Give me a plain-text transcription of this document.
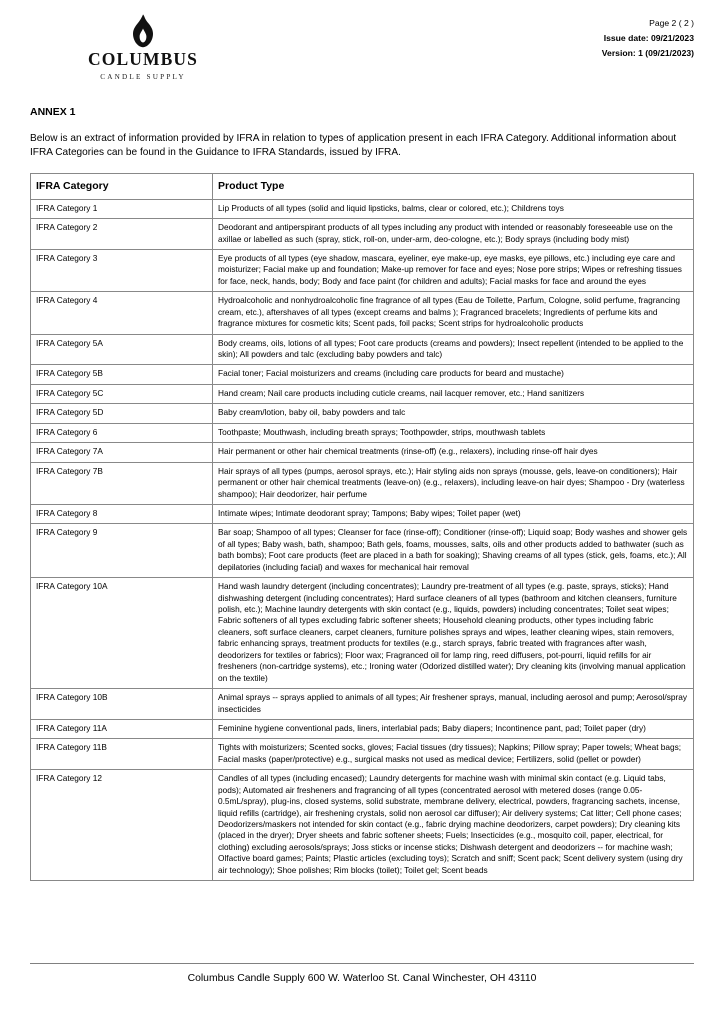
COLUMBUS
CANDLE SUPPLY
Page 2 ( 2 )
Issue date: 09/21/2023
Version: 1 (09/21/2023)
ANNEX 1
Below is an extract of information provided by IFRA in relation to types of application present in each IFRA Category. Additional information about IFRA Categories can be found in the Guidance to IFRA Standards, issued by IFRA.
IFRA Category	Product Type
IFRA Category 1	Lip Products of all types (solid and liquid lipsticks, balms, clear or colored, etc.); Childrens toys
IFRA Category 2	Deodorant and antiperspirant products of all types including any product with intended or reasonably foreseeable use on the axillae or labelled as such (spray, stick, roll-on, under-arm, deo-cologne, etc.); Body sprays (including body mist)
IFRA Category 3	Eye products of all types (eye shadow, mascara, eyeliner, eye make-up, eye masks, eye pillows, etc.) including eye care and moisturizer; Facial make up and foundation; Make-up remover for face and eyes; Nose pore strips; Wipes or refreshing tissues for face, neck, hands, body; Body and face paint (for children and adults); Facial masks for face and around the eyes
IFRA Category 4	Hydroalcoholic and nonhydroalcoholic fine fragrance of all types (Eau de Toilette, Parfum, Cologne, solid perfume, fragrancing cream, etc.), aftershaves of all types (except creams and balms ); Fragranced bracelets; Ingredients of perfume kits and fragrance mixtures for cosmetic kits; Scent pads, foil packs; Scent strips for hydroalcoholic products
IFRA Category 5A	Body creams, oils, lotions of all types; Foot care products (creams and powders); Insect repellent (intended to be applied to the skin); All powders and talc (excluding baby powders and talc)
IFRA Category 5B	Facial toner; Facial moisturizers and creams (including care products for beard and mustache)
IFRA Category 5C	Hand cream; Nail care products including cuticle creams, nail lacquer remover, etc.; Hand sanitizers
IFRA Category 5D	Baby cream/lotion, baby oil, baby powders and talc
IFRA Category 6	Toothpaste; Mouthwash, including breath sprays; Toothpowder, strips, mouthwash tablets
IFRA Category 7A	Hair permanent or other hair chemical treatments (rinse-off) (e.g., relaxers), including rinse-off hair dyes
IFRA Category 7B	Hair sprays of all types (pumps, aerosol sprays, etc.); Hair styling aids non sprays (mousse, gels, leave-on conditioners); Hair permanent or other hair chemical treatments (leave-on) (e.g., relaxers), including leave-on hair dyes; Shampoo - Dry (waterless shampoo); Hair deodorizer, hair perfume
IFRA Category 8	Intimate wipes; Intimate deodorant spray; Tampons; Baby wipes; Toilet paper (wet)
IFRA Category 9	Bar soap; Shampoo of all types; Cleanser for face (rinse-off); Conditioner (rinse-off); Liquid soap; Body washes and shower gels of all types; Baby wash, bath, shampoo; Bath gels, foams, mousses, salts, oils and other products added to bathwater (such as bath bombs); Foot care products (feet are placed in a bath for soaking); Shaving creams of all types (stick, gels, foams, etc.); All depilatories (including facial) and waxes for mechanical hair removal
IFRA Category 10A	Hand wash laundry detergent (including concentrates); Laundry pre-treatment of all types (e.g. paste, sprays, sticks); Hand dishwashing detergent (including concentrates); Hard surface cleaners of all types (bathroom and kitchen cleansers, furniture polish, etc.); Machine laundry detergents with skin contact (e.g., liquids, powders) including concentrates; Toilet seat wipes; Fabric softeners of all types excluding fabric softener sheets; Household cleaning products, other types including fabric cleaners, soft surface cleaners, carpet cleaners, furniture polishes sprays and wipes, leather cleaning wipes, stain removers, fabric enhancing sprays, treatment products for textiles (e.g., starch sprays, fabric treated with fragrances after wash, deodorizers for textiles or fabrics); Floor wax; Fragranced oil for lamp ring, reed diffusers, pot-pourri, liquid refills for air fresheners (non-cartridge systems), etc.; Ironing water (Odorized distilled water); Dry cleaning kits (involving manual application on the textile)
IFRA Category 10B	Animal sprays -- sprays applied to animals of all types; Air freshener sprays, manual, including aerosol and pump; Aerosol/spray insecticides
IFRA Category 11A	Feminine hygiene conventional pads, liners, interlabial pads; Baby diapers; Incontinence pant, pad; Toilet paper (dry)
IFRA Category 11B	Tights with moisturizers; Scented socks, gloves; Facial tissues (dry tissues); Napkins; Pillow spray; Paper towels; Wheat bags; Facial masks (paper/protective) e.g., surgical masks not used as medical device; Fertilizers, solid (pellet or powder)
IFRA Category 12	Candles of all types (including encased); Laundry detergents for machine wash with minimal skin contact (e.g. Liquid tabs, pods); Automated air fresheners and fragrancing of all types (concentrated aerosol with metered doses (range 0.05-0.5mL/spray), plug-ins, closed systems, solid substrate, membrane delivery, electrical, powders, fragrancing sachets, incense, liquid refills (cartridge), air freshening crystals, solid non aerosol car diffuser); Air delivery systems; Cat litter; Cell phone cases; Deodorizers/maskers not intended for skin contact (e.g., fabric drying machine deodorizers, carpet powders); Dry cleaning kits (placed in the dryer); Dryer sheets and fabric softener sheets; Fuels; Insecticides (e.g., mosquito coil, paper, electrical, for clothing) excluding aerosols/sprays; Joss sticks or incense sticks; Dishwash detergent and deodorizers -- for machine wash; Olfactive board games; Paints; Plastic articles (excluding toys); Scratch and sniff; Scent pack; Scent delivery system (using dry air technology); Shoe polishes; Rim blocks (toilet); Toilet gel; Scent beads
Columbus Candle Supply 600 W. Waterloo St. Canal Winchester, OH 43110
